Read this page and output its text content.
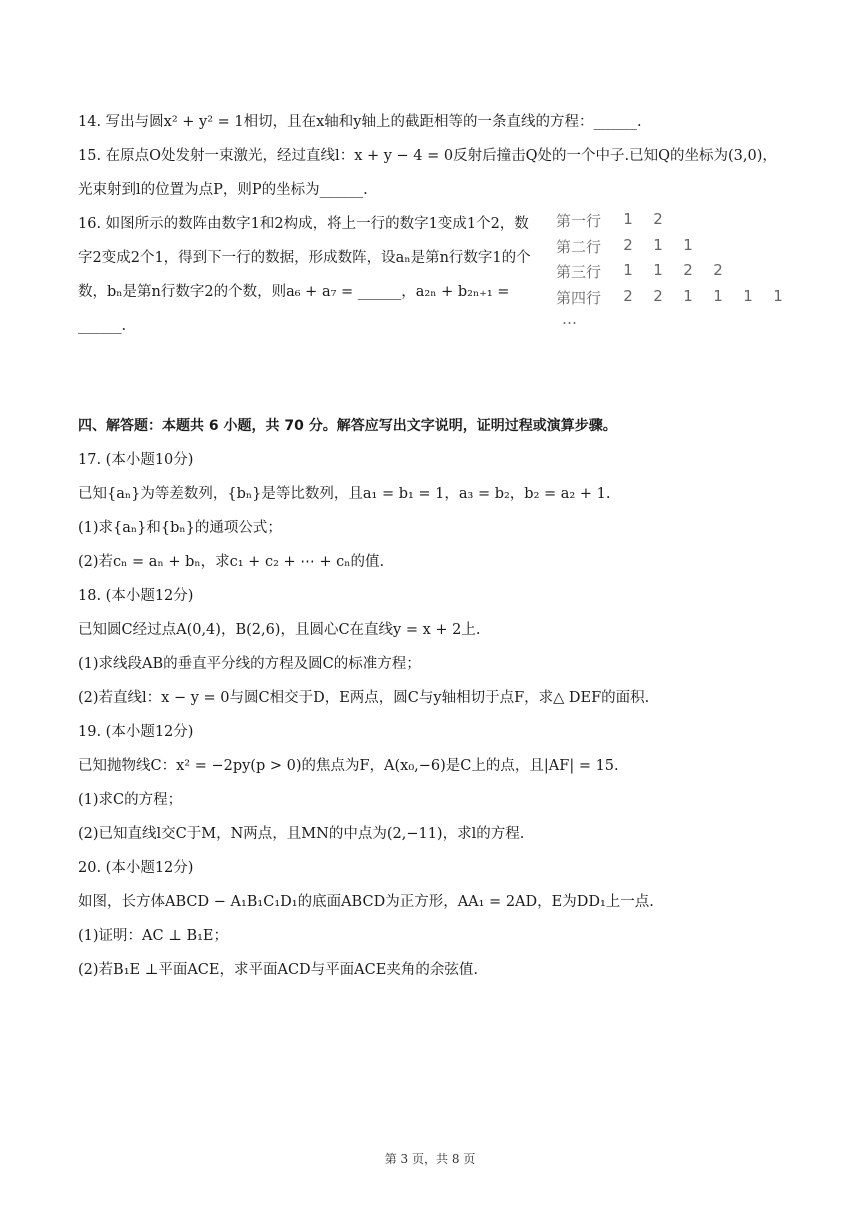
14. 写出与圆x² + y² = 1相切，且在x轴和y轴上的截距相等的一条直线的方程：______.
15. 在原点O处发射一束激光，经过直线l：x + y − 4 = 0反射后撞击Q处的一个中子.已知Q的坐标为(3,0)，
光束射到l的位置为点P，则P的坐标为______.
16. 如图所示的数阵由数字1和2构成，将上一行的数字1变成1个2，数
字2变成2个1，得到下一行的数据，形成数阵，设aₙ是第n行数字1的个
数，bₙ是第n行数字2的个数，则a₆ + a₇ = ______，a₂ₙ + b₂ₙ₊₁ =
______.
第一行	1	2
第二行	2	1	1
第三行	1	1	2	2
第四行	2	2	1	1	1	1
…
四、解答题：本题共 6 小题，共 70 分。解答应写出文字说明，证明过程或演算步骤。
17. (本小题10分)
已知{aₙ}为等差数列，{bₙ}是等比数列，且a₁ = b₁ = 1，a₃ = b₂，b₂ = a₂ + 1.
(1)求{aₙ}和{bₙ}的通项公式；
(2)若cₙ = aₙ + bₙ，求c₁ + c₂ + ⋯ + cₙ的值.
18. (本小题12分)
已知圆C经过点A(0,4)，B(2,6)，且圆心C在直线y = x + 2上.
(1)求线段AB的垂直平分线的方程及圆C的标准方程；
(2)若直线l：x − y = 0与圆C相交于D，E两点，圆C与y轴相切于点F，求△ DEF的面积.
19. (本小题12分)
已知抛物线C：x² = −2py(p > 0)的焦点为F，A(x₀,−6)是C上的点，且|AF| = 15.
(1)求C的方程；
(2)已知直线l交C于M，N两点，且MN的中点为(2,−11)，求l的方程.
20. (本小题12分)
如图，长方体ABCD − A₁B₁C₁D₁的底面ABCD为正方形，AA₁ = 2AD，E为DD₁上一点.
(1)证明：AC ⊥ B₁E；
(2)若B₁E ⊥平面ACE，求平面ACD与平面ACE夹角的余弦值.
第 3 页，共 8 页
